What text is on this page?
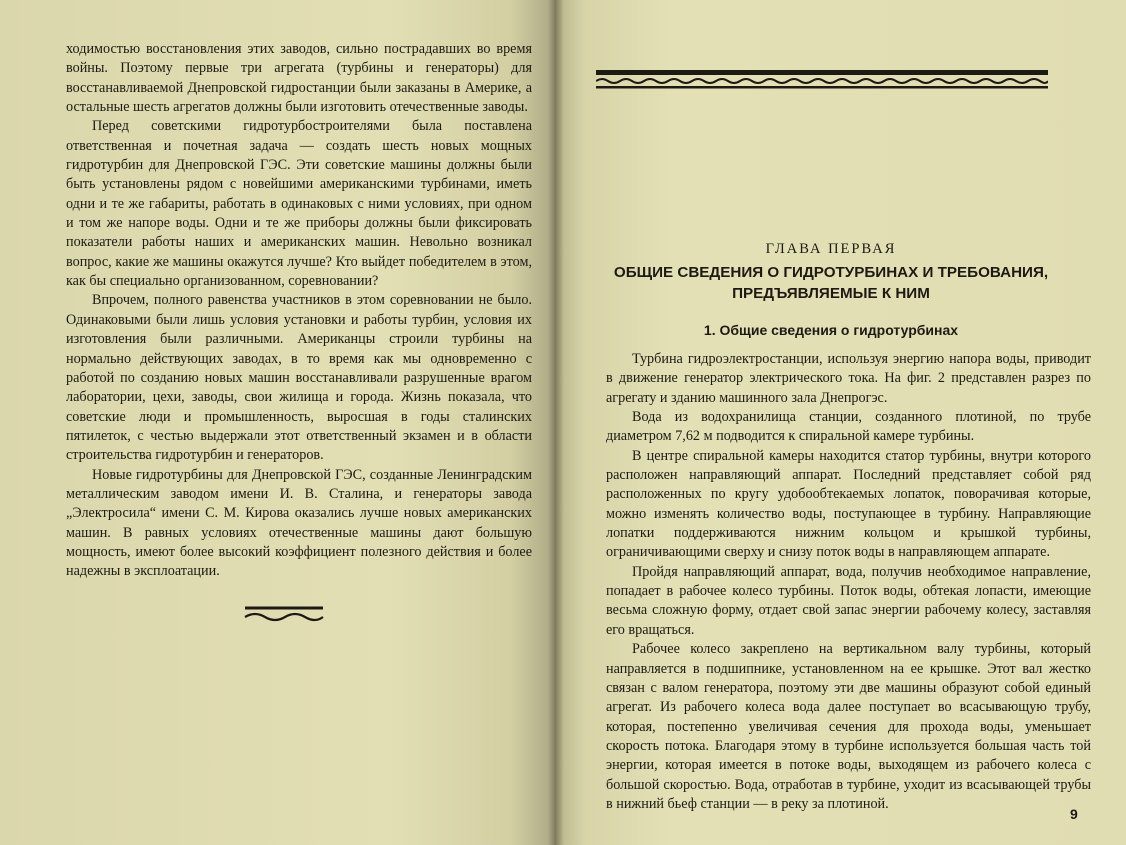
ходимостью восстановления этих заводов, сильно пострадавших во время войны. Поэтому первые три агрегата (турбины и генераторы) для восстанавливаемой Днепровской гидростанции были заказаны в Америке, а остальные шесть агрегатов должны были изготовить отечественные заводы.

Перед советскими гидротурбостроителями была поставлена ответственная и почетная задача — создать шесть новых мощных гидротурбин для Днепровской ГЭС. Эти советские машины должны были быть установлены рядом с новейшими американскими турбинами, иметь одни и те же габариты, работать в одинаковых с ними условиях, при одном и том же напоре воды. Одни и те же приборы должны были фиксировать показатели работы наших и американских машин. Невольно возникал вопрос, какие же машины окажутся лучше? Кто выйдет победителем в этом, как бы специально организованном, соревновании?

Впрочем, полного равенства участников в этом соревновании не было. Одинаковыми были лишь условия установки и работы турбин, условия их изготовления были различными. Американцы строили турбины на нормально действующих заводах, в то время как мы одновременно с работой по созданию новых машин восстанавливали разрушенные врагом лаборатории, цехи, заводы, свои жилища и города. Жизнь показала, что советские люди и промышленность, выросшая в годы сталинских пятилеток, с честью выдержали этот ответственный экзамен и в области строительства гидротурбин и генераторов.

Новые гидротурбины для Днепровской ГЭС, созданные Ленинградским металлическим заводом имени И. В. Сталина, и генераторы завода „Электросила“ имени С. М. Кирова оказались лучше новых американских машин. В равных условиях отечественные машины дают большую мощность, имеют более высокий коэффициент полезного действия и более надежны в эксплоатации.

ГЛАВА ПЕРВАЯ
ОБЩИЕ СВЕДЕНИЯ О ГИДРОТУРБИНАХ И ТРЕБОВАНИЯ,
ПРЕДЪЯВЛЯЕМЫЕ К НИМ
1. Общие сведения о гидротурбинах

Турбина гидроэлектростанции, используя энергию напора воды, приводит в движение генератор электрического тока. На фиг. 2 представлен разрез по агрегату и зданию машинного зала Днепрогэс.

Вода из водохранилища станции, созданного плотиной, по трубе диаметром 7,62 м подводится к спиральной камере турбины.

В центре спиральной камеры находится статор турбины, внутри которого расположен направляющий аппарат. Последний представляет собой ряд расположенных по кругу удобообтекаемых лопаток, поворачивая которые, можно изменять количество воды, поступающее в турбину. Направляющие лопатки поддерживаются нижним кольцом и крышкой турбины, ограничивающими сверху и снизу поток воды в направляющем аппарате.

Пройдя направляющий аппарат, вода, получив необходимое направление, попадает в рабочее колесо турбины. Поток воды, обтекая лопасти, имеющие весьма сложную форму, отдает свой запас энергии рабочему колесу, заставляя его вращаться.

Рабочее колесо закреплено на вертикальном валу турбины, который направляется в подшипнике, установленном на ее крышке. Этот вал жестко связан с валом генератора, поэтому эти две машины образуют собой единый агрегат. Из рабочего колеса вода далее поступает во всасывающую трубу, которая, постепенно увеличивая сечения для прохода воды, уменьшает скорость потока. Благодаря этому в турбине используется большая часть той энергии, которая имеется в потоке воды, выходящем из рабочего колеса с большой скоростью. Вода, отработав в турбине, уходит из всасывающей трубы в нижний бьеф станции — в реку за плотиной.

9
